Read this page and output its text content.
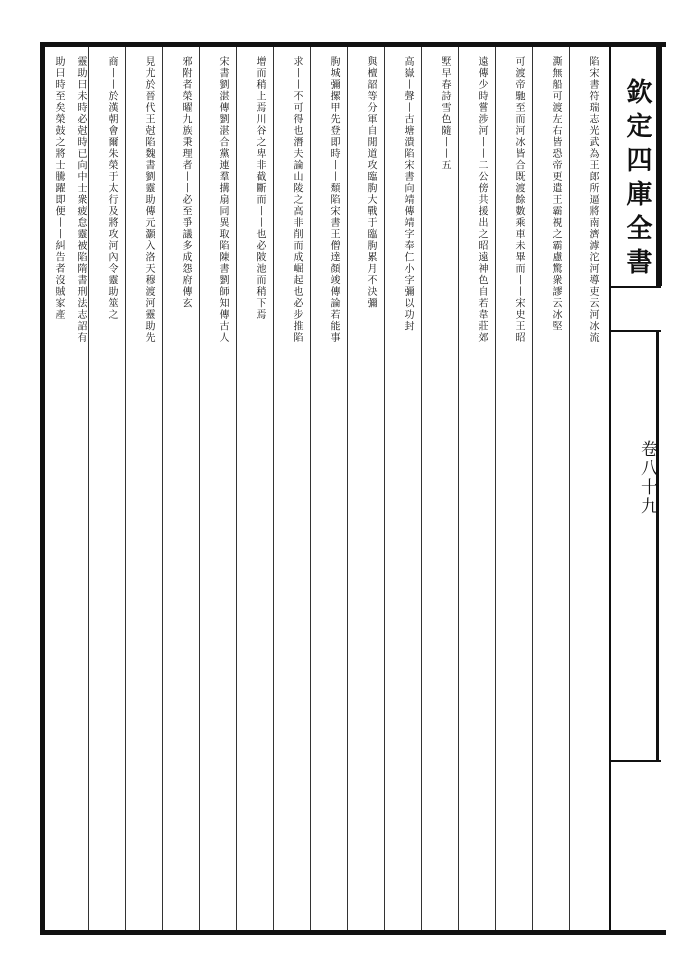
欽定四庫全書
卷八十九
陷宋書符瑞志光武為王郎所逼將南濟滹沱河導吏云河冰流
澌無船可渡左右皆恐帝更遣王霸視之霸慮驚衆謬云冰堅
可渡帝馳至而河冰皆合既渡餘數乘車未畢而丨丨宋史王昭
遠傳少時嘗涉河丨丨二公傍共援出之昭遠神色自若韋莊郊
墅早春詩雪色隨丨丨五
高嶽丨聲丨古塘潰陷宋書向靖傳靖字奉仁小字彌以功封
與檀韶等分軍自閒道攻臨朐大戰于臨朐累月不決彌
朐城彌摞甲先登即時丨丨頹陷宋書王僧達顏竣傳論若能事
求丨丨不可得也潛夫論山陵之高非削而成崛起也必步推陷
增而稍上焉川谷之卑非截斷而丨丨也必陂池而稍下焉
宋書劉湛傳劉湛合黨連羣搆扇同異取陷陳書劉師知傳古人
邪附者榮曜九族秉理者丨丨必至爭議多成怨府傳玄
見尤於晉代王尅陷魏書劉靈助傳元灝入洛天穆渡河靈助先
商丨丨於漢朝會爾朱榮于太行及將攻河內令靈助筮之
靈助曰未時必尅時已向中士衆疲怠靈被陷隋書刑法志詔有
助曰時至矣榮鼓之將士騰躍即便丨丨糾告者沒賊家產
